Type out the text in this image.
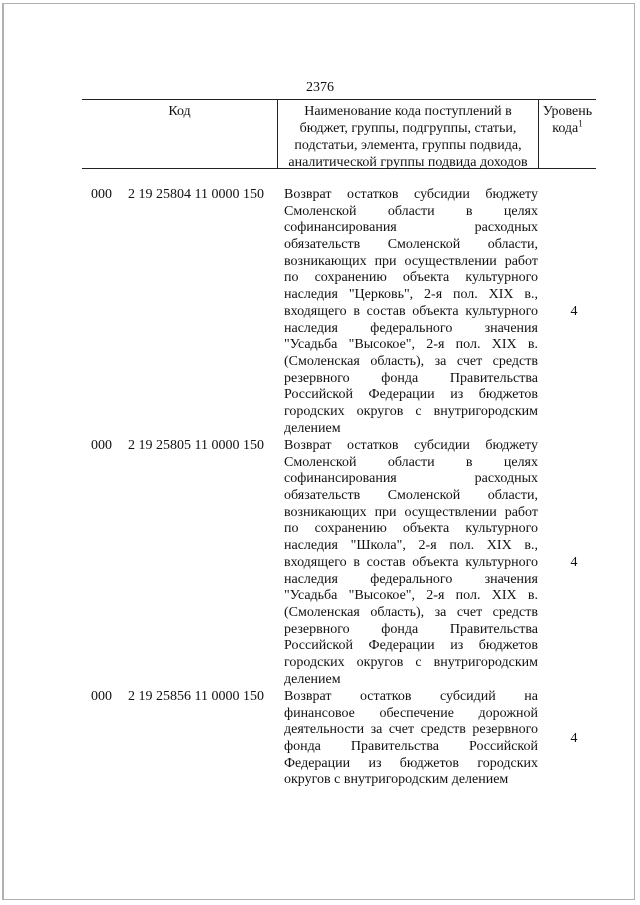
2376
Код	Наименование кода поступлений в
бюджет, группы, подгруппы, статьи,
подстатьи, элемента, группы подвида,
аналитической группы подвида доходов
Уровень
кода$^1$
000 2 19 25804 11 0000 150 Возврат остатков субсидии бюджету
Смоленской области в целях
софинансирования расходных
обязательств Смоленской области,
возникающих при осуществлении работ
по сохранению объекта культурного
наследия "Церковь", 2-я пол. XIX в.,
входящего в состав объекта культурного
наследия федерального значения
"Усадьба "Высокое", 2-я пол. XIX в.
(Смоленская область), за счет средств
резервного фонда Правительства
Российской Федерации из бюджетов
городских округов с внутригородским
делением
4
000 2 19 25805 11 0000 150 Возврат остатков субсидии бюджету
Смоленской области в целях
софинансирования расходных
обязательств Смоленской области,
возникающих при осуществлении работ
по сохранению объекта культурного
наследия "Школа", 2-я пол. XIX в.,
входящего в состав объекта культурного
наследия федерального значения
"Усадьба "Высокое", 2-я пол. XIX в.
(Смоленская область), за счет средств
резервного фонда Правительства
Российской Федерации из бюджетов
городских округов с внутригородским
делением
4
000 2 19 25856 11 0000 150 Возврат остатков субсидий на
финансовое обеспечение дорожной
деятельности за счет средств резервного
фонда Правительства Российской
Федерации из бюджетов городских
округов с внутригородским делением
4
